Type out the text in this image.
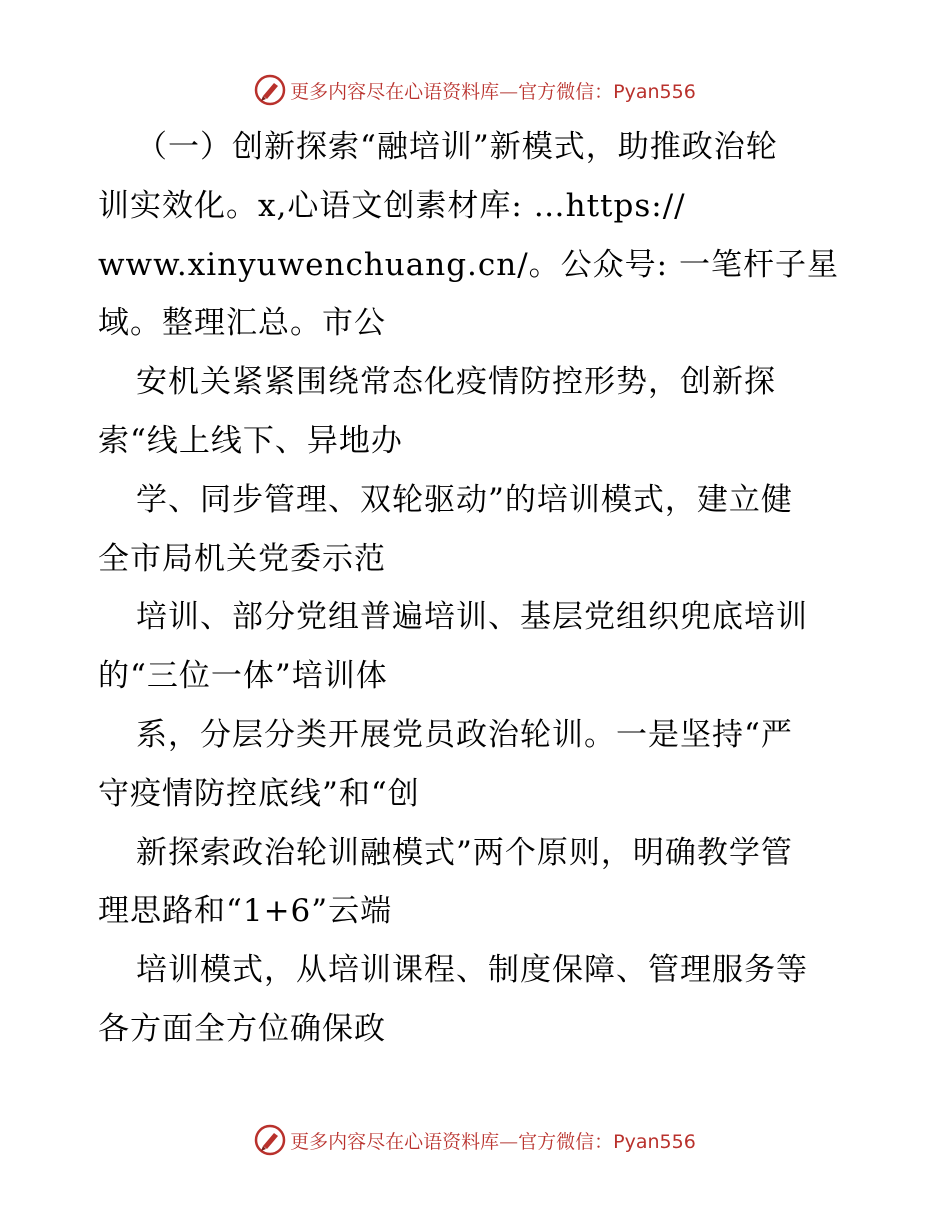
更多内容尽在心语资料库—官方微信：Pyan556
（一）创新探索“融培训”新模式，助推政治轮
训实效化。x,心语文创素材库: …https://
www.xinyuwenchuang.cn/。公众号: 一笔杆子星
域。整理汇总。市公
安机关紧紧围绕常态化疫情防控形势，创新探
索“线上线下、异地办
学、同步管理、双轮驱动”的培训模式，建立健
全市局机关党委示范
培训、部分党组普遍培训、基层党组织兜底培训
的“三位一体”培训体
系，分层分类开展党员政治轮训。一是坚持“严
守疫情防控底线”和“创
新探索政治轮训融模式”两个原则，明确教学管
理思路和“1+6”云端
培训模式，从培训课程、制度保障、管理服务等
各方面全方位确保政
更多内容尽在心语资料库—官方微信：Pyan556
